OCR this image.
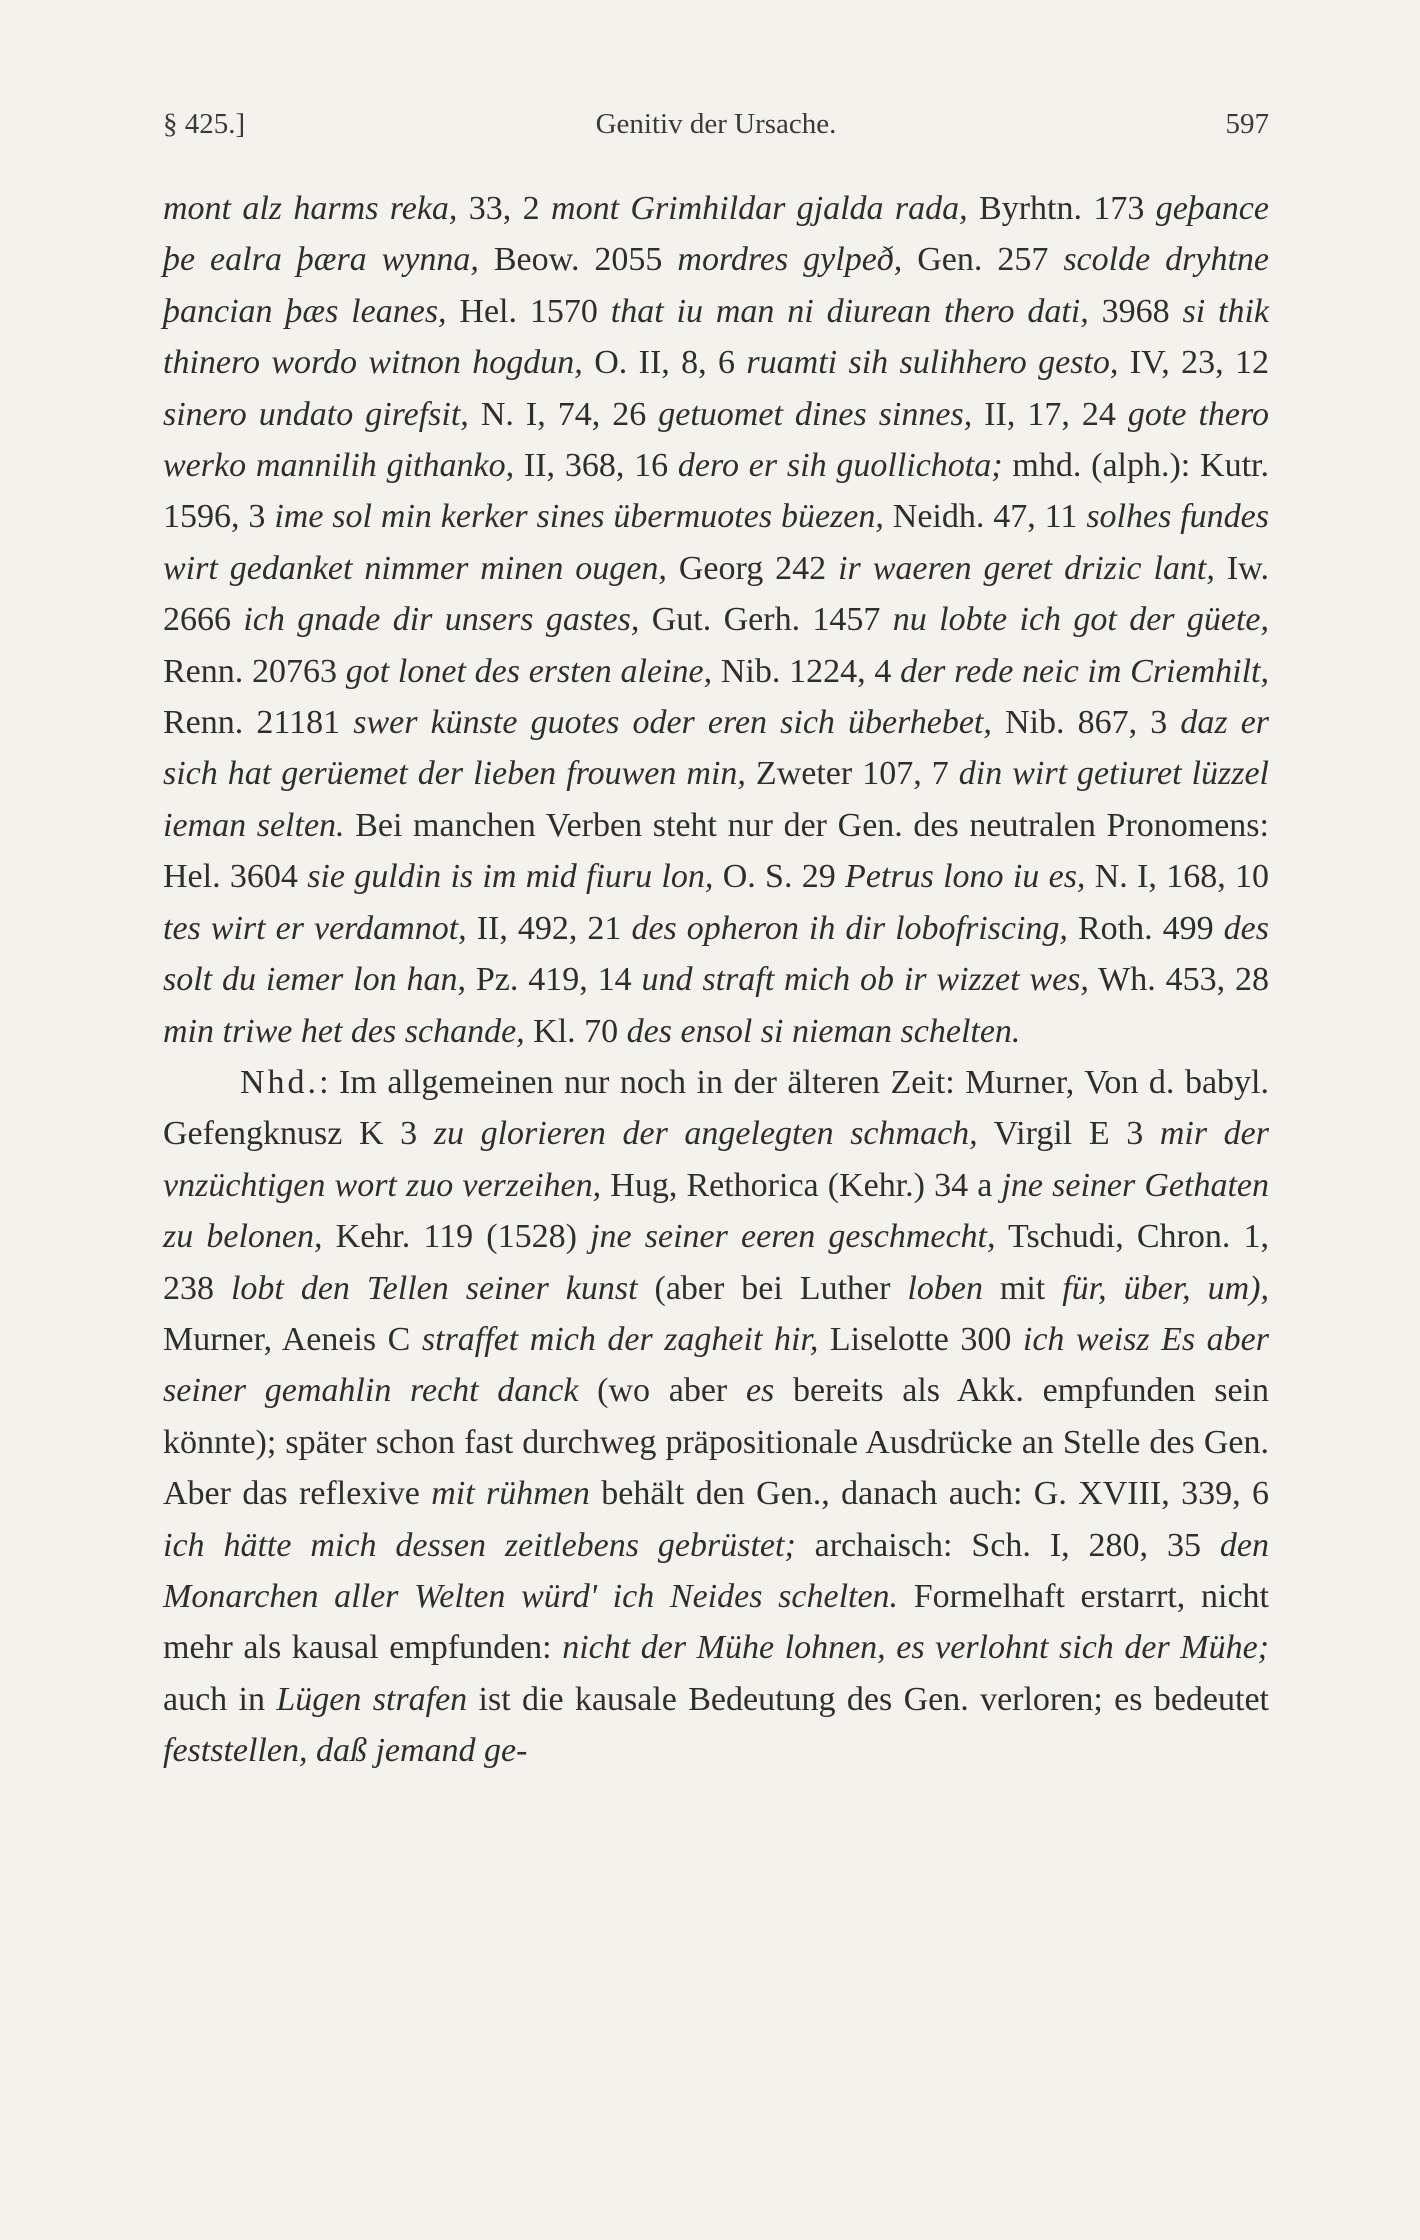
§ 425.]	Genitiv der Ursache.	597

mont alz harms reka, 33, 2 mont Grimhildar gjalda rada, Byrhtn. 173 geþance þe ealra þæra wynna, Beow. 2055 mordres gylpeð, Gen. 257 scolde dryhtne þancian þæs leanes, Hel. 1570 that iu man ni diurean thero dati, 3968 si thik thinero wordo witnon hogdun, O. II, 8, 6 ruamti sih sulihhero gesto, IV, 23, 12 sinero undato girefsit, N. I, 74, 26 getuomet dines sinnes, II, 17, 24 gote thero werko mannilih githanko, II, 368, 16 dero er sih guollichota; mhd. (alph.): Kutr. 1596, 3 ime sol min kerker sines übermuotes büezen, Neidh. 47, 11 solhes fundes wirt gedanket nimmer minen ougen, Georg 242 ir waeren geret drizic lant, Iw. 2666 ich gnade dir unsers gastes, Gut. Gerh. 1457 nu lobte ich got der güete, Renn. 20763 got lonet des ersten aleine, Nib. 1224, 4 der rede neic im Criemhilt, Renn. 21181 swer künste guotes oder eren sich überhebet, Nib. 867, 3 daz er sich hat gerüemet der lieben frouwen min, Zweter 107, 7 din wirt getiuret lüzzel ieman selten. Bei manchen Verben steht nur der Gen. des neutralen Pronomens: Hel. 3604 sie guldin is im mid fiuru lon, O. S. 29 Petrus lono iu es, N. I, 168, 10 tes wirt er verdamnot, II, 492, 21 des opheron ih dir lobofriscing, Roth. 499 des solt du iemer lon han, Pz. 419, 14 und straft mich ob ir wizzet wes, Wh. 453, 28 min triwe het des schande, Kl. 70 des ensol si nieman schelten.

Nhd.: Im allgemeinen nur noch in der älteren Zeit: Murner, Von d. babyl. Gefengknusz K 3 zu glorieren der angelegten schmach, Virgil E 3 mir der vnzüchtigen wort zuo verzeihen, Hug, Rethorica (Kehr.) 34 a jne seiner Gethaten zu belonen, Kehr. 119 (1528) jne seiner eeren geschmecht, Tschudi, Chron. 1, 238 lobt den Tellen seiner kunst (aber bei Luther loben mit für, über, um), Murner, Aeneis C straffet mich der zagheit hir, Liselotte 300 ich weisz Es aber seiner gemahlin recht danck (wo aber es bereits als Akk. empfunden sein könnte); später schon fast durchweg präpositionale Ausdrücke an Stelle des Gen. Aber das reflexive mit rühmen behält den Gen., danach auch: G. XVIII, 339, 6 ich hätte mich dessen zeitlebens gebrüstet; archaisch: Sch. I, 280, 35 den Monarchen aller Welten würd' ich Neides schelten. Formelhaft erstarrt, nicht mehr als kausal empfunden: nicht der Mühe lohnen, es verlohnt sich der Mühe; auch in Lügen strafen ist die kausale Bedeutung des Gen. verloren; es bedeutet feststellen, daß jemand ge-
